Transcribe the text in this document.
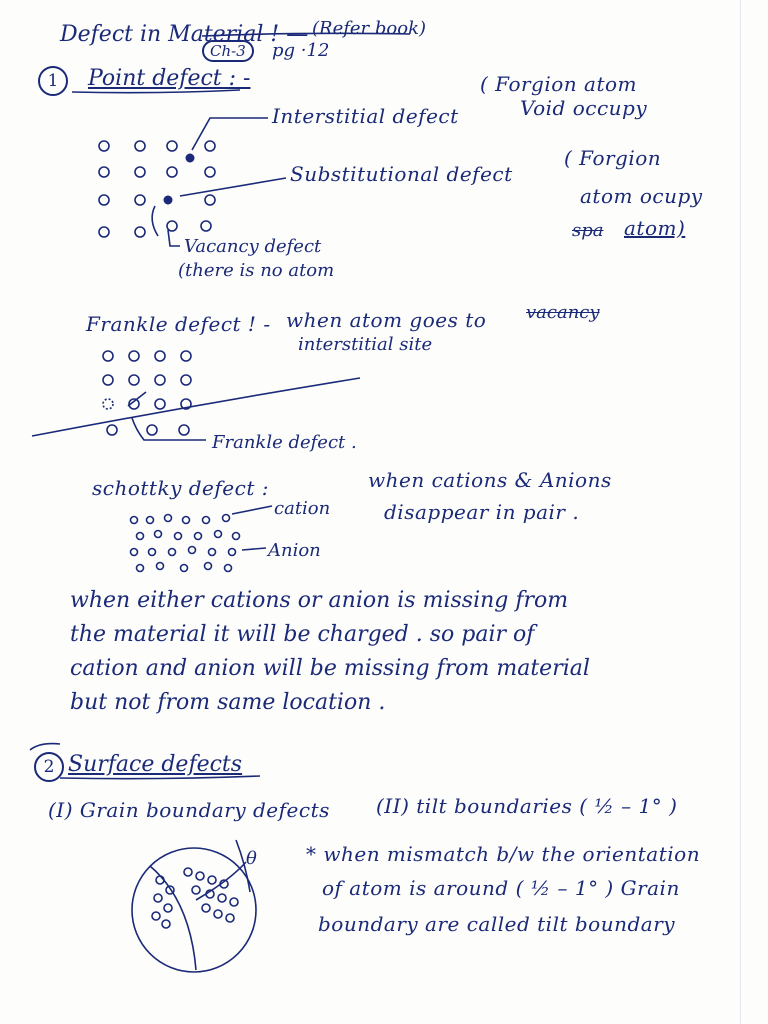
Defect in Material ! — (Refer book)
Ch-3	pg ·12
1	Point defect : -
Interstitial defect
( Forgion atom
Void occupy
Substitutional defect
( Forgion
atom ocupy
spa atom)
Vacancy defect
(there is no atom
Frankle defect ! - when atom goes to vacancy
interstitial site
Frankle defect .
schottky defect :
cation
Anion
when cations & Anions
disappear in pair .
when either cations or anion is missing from
the material it will be charged . so pair of
cation and anion will be missing from material
but not from same location .
2 Surface defects
(I) Grain boundary defects (II) tilt boundaries ( ½ – 1° )
θ * when mismatch b/w the orientation
of atom is around ( ½ – 1° ) Grain
boundary are called tilt boundary
